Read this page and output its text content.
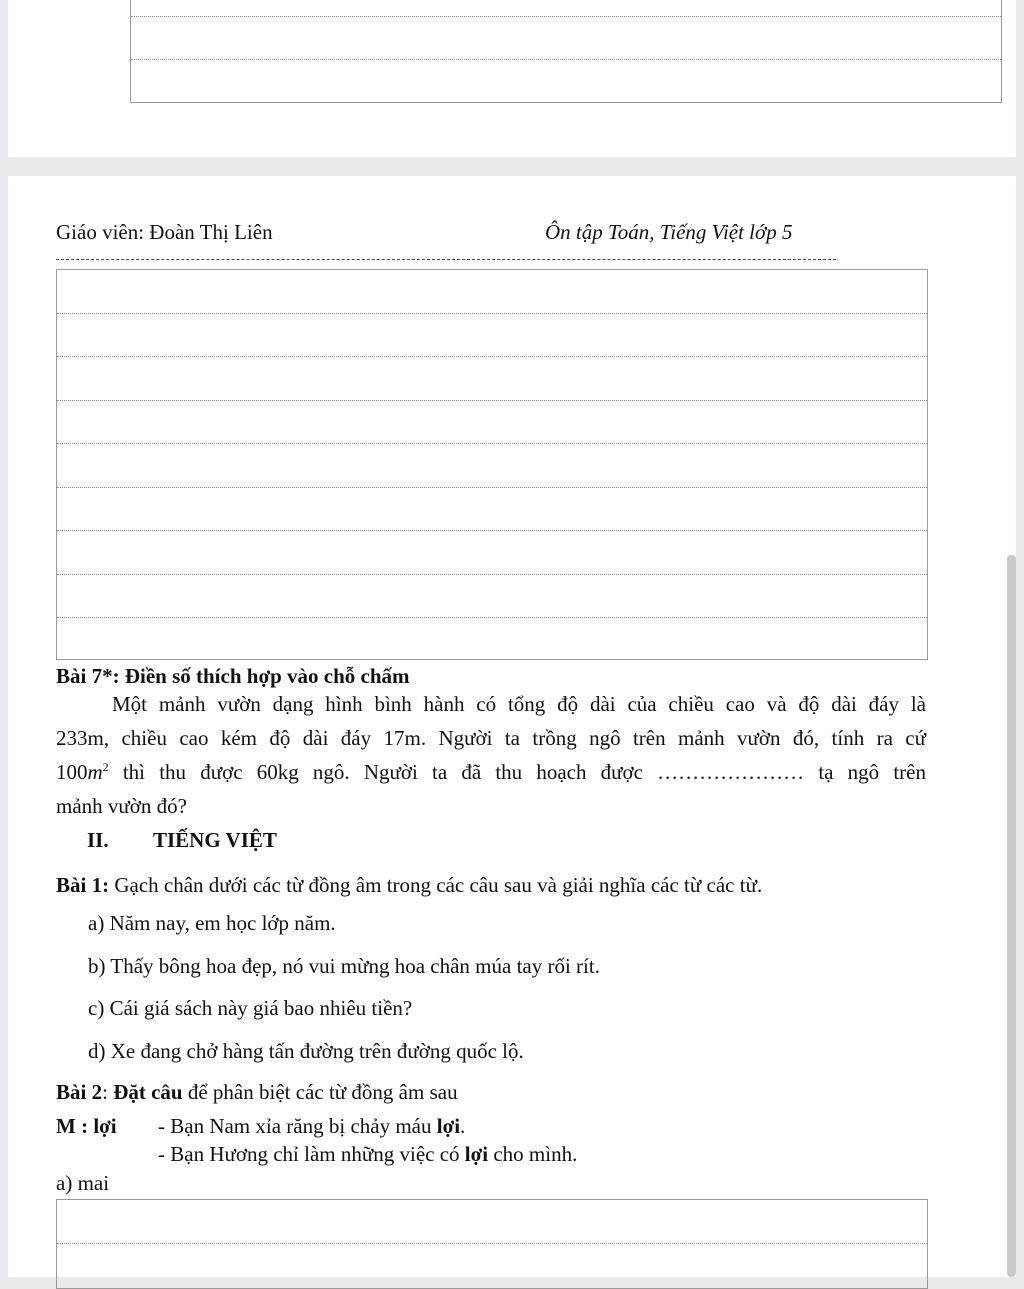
Giáo viên: Đoàn Thị Liên	Ôn tập Toán, Tiếng Việt lớp 5
Bài 7*: Điền số thích hợp vào chỗ chấm
Một mảnh vườn dạng hình bình hành có tổng độ dài của chiều cao và độ dài đáy là
233m, chiều cao kém độ dài đáy 17m. Người ta trồng ngô trên mảnh vườn đó, tính ra cứ
$100m^2$ thì thu được 60kg ngô. Người ta đã thu hoạch được ………………… tạ ngô trên
mảnh vườn đó?
II. TIẾNG VIỆT
Bài 1: Gạch chân dưới các từ đồng âm trong các câu sau và giải nghĩa các từ các từ.
a) Năm nay, em học lớp năm.
b) Thấy bông hoa đẹp, nó vui mừng hoa chân múa tay rối rít.
c) Cái giá sách này giá bao nhiêu tiền?
d) Xe đang chở hàng tấn đường trên đường quốc lộ.
Bài 2: Đặt câu để phân biệt các từ đồng âm sau
M : lợi - Bạn Nam xỉa răng bị chảy máu lợi.
- Bạn Hương chỉ làm những việc có lợi cho mình.
a) mai
